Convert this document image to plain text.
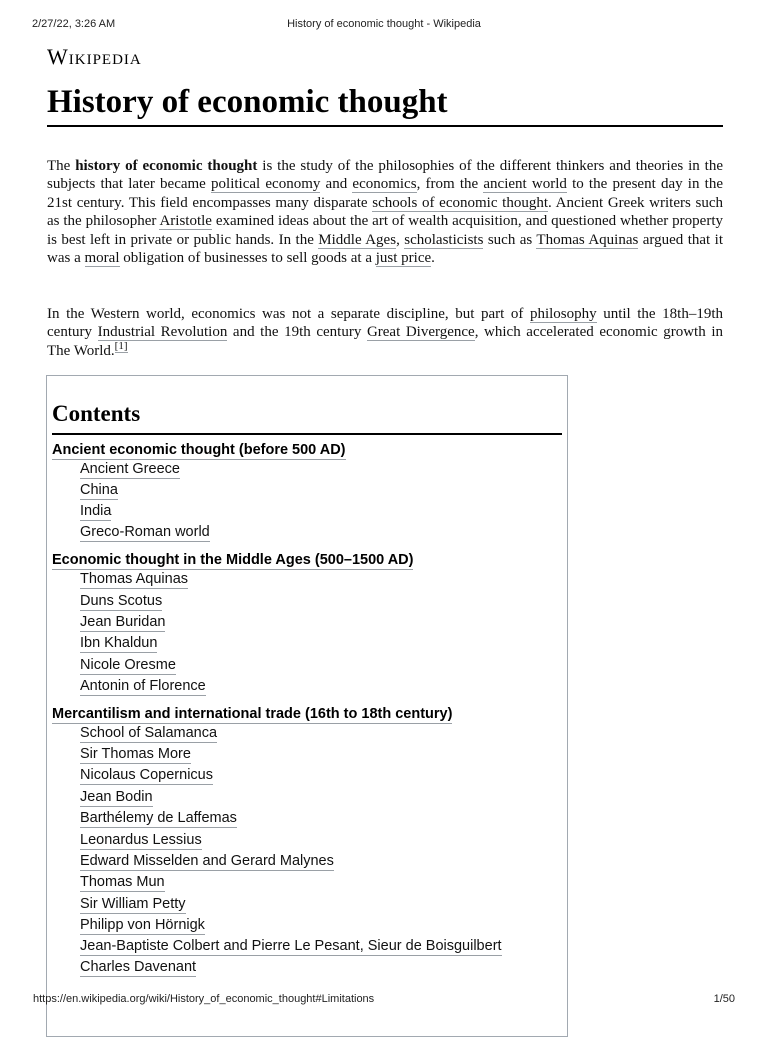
2/27/22, 3:26 AM	History of economic thought - Wikipedia
Wikipedia
History of economic thought

The history of economic thought is the study of the philosophies of the different thinkers and theories in the subjects that later became political economy and economics, from the ancient world to the present day in the 21st century. This field encompasses many disparate schools of economic thought. Ancient Greek writers such as the philosopher Aristotle examined ideas about the art of wealth acquisition, and questioned whether property is best left in private or public hands. In the Middle Ages, scholasticists such as Thomas Aquinas argued that it was a moral obligation of businesses to sell goods at a just price.

In the Western world, economics was not a separate discipline, but part of philosophy until the 18th–19th century Industrial Revolution and the 19th century Great Divergence, which accelerated economic growth in The World.[1]

Contents
Ancient economic thought (before 500 AD)
Ancient Greece
China
India
Greco-Roman world
Economic thought in the Middle Ages (500–1500 AD)
Thomas Aquinas
Duns Scotus
Jean Buridan
Ibn Khaldun
Nicole Oresme
Antonin of Florence
Mercantilism and international trade (16th to 18th century)
School of Salamanca
Sir Thomas More
Nicolaus Copernicus
Jean Bodin
Barthélemy de Laffemas
Leonardus Lessius
Edward Misselden and Gerard Malynes
Thomas Mun
Sir William Petty
Philipp von Hörnigk
Jean-Baptiste Colbert and Pierre Le Pesant, Sieur de Boisguilbert
Charles Davenant
https://en.wikipedia.org/wiki/History_of_economic_thought#Limitations	1/50
